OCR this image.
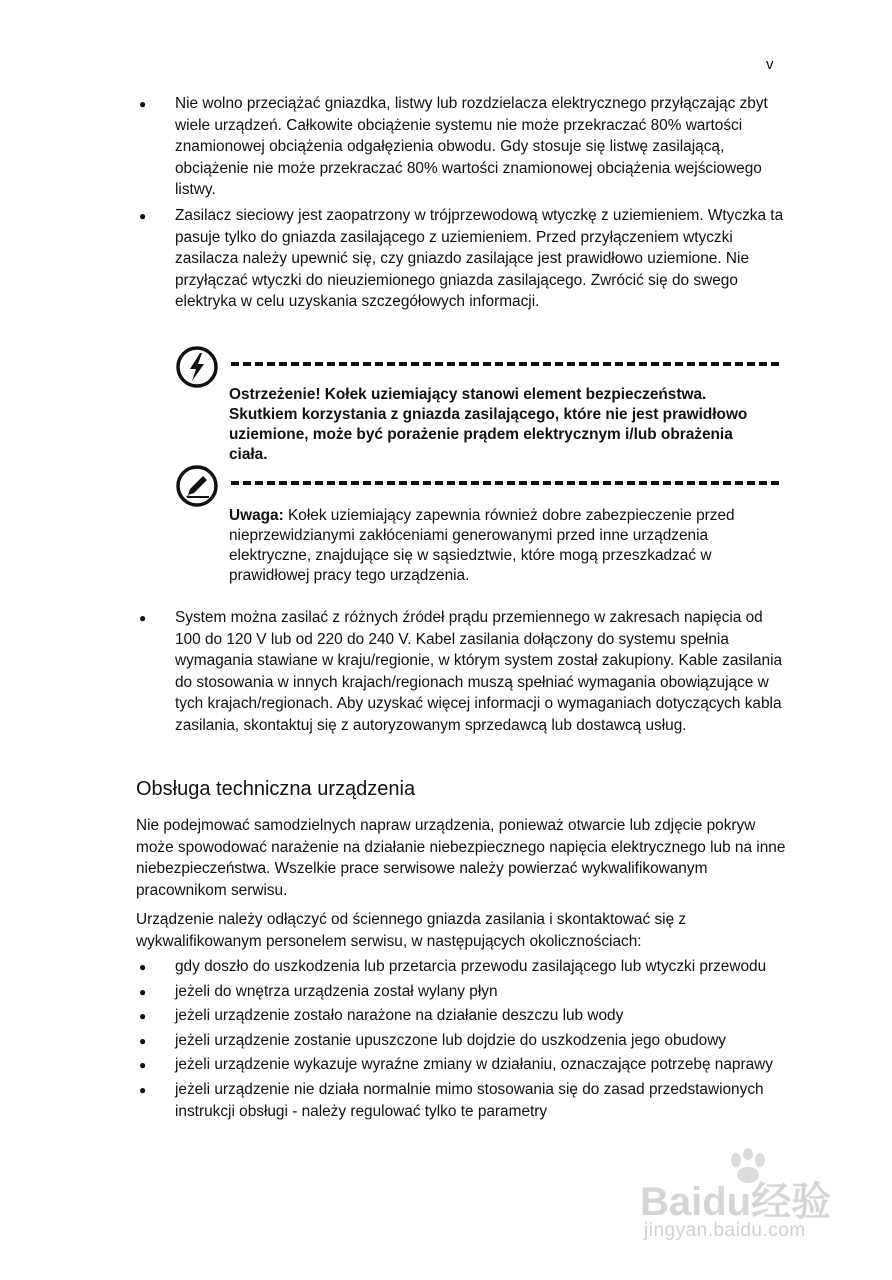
v
● Nie wolno przeciążać gniazdka, listwy lub rozdzielacza elektrycznego przyłączając zbyt wiele urządzeń. Całkowite obciążenie systemu nie może przekraczać 80% wartości znamionowej obciążenia odgałęzienia obwodu. Gdy stosuje się listwę zasilającą, obciążenie nie może przekraczać 80% wartości znamionowej obciążenia wejściowego listwy.
● Zasilacz sieciowy jest zaopatrzony w trójprzewodową wtyczkę z uziemieniem. Wtyczka ta pasuje tylko do gniazda zasilającego z uziemieniem. Przed przyłączeniem wtyczki zasilacza należy upewnić się, czy gniazdo zasilające jest prawidłowo uziemione. Nie przyłączać wtyczki do nieuziemionego gniazda zasilającego. Zwrócić się do swego elektryka w celu uzyskania szczegółowych informacji.
Ostrzeżenie! Kołek uziemiający stanowi element bezpieczeństwa. Skutkiem korzystania z gniazda zasilającego, które nie jest prawidłowo uziemione, może być porażenie prądem elektrycznym i/lub obrażenia ciała.
Uwaga: Kołek uziemiający zapewnia również dobre zabezpieczenie przed nieprzewidzianymi zakłóceniami generowanymi przed inne urządzenia elektryczne, znajdujące się w sąsiedztwie, które mogą przeszkadzać w prawidłowej pracy tego urządzenia.
● System można zasilać z różnych źródeł prądu przemiennego w zakresach napięcia od 100 do 120 V lub od 220 do 240 V. Kabel zasilania dołączony do systemu spełnia wymagania stawiane w kraju/regionie, w którym system został zakupiony. Kable zasilania do stosowania w innych krajach/regionach muszą spełniać wymagania obowiązujące w tych krajach/regionach. Aby uzyskać więcej informacji o wymaganiach dotyczących kabla zasilania, skontaktuj się z autoryzowanym sprzedawcą lub dostawcą usług.
Obsługa techniczna urządzenia

Nie podejmować samodzielnych napraw urządzenia, ponieważ otwarcie lub zdjęcie pokryw może spowodować narażenie na działanie niebezpiecznego napięcia elektrycznego lub na inne niebezpieczeństwa. Wszelkie prace serwisowe należy powierzać wykwalifikowanym pracownikom serwisu.

Urządzenie należy odłączyć od ściennego gniazda zasilania i skontaktować się z wykwalifikowanym personelem serwisu, w następujących okolicznościach:

● gdy doszło do uszkodzenia lub przetarcia przewodu zasilającego lub wtyczki przewodu
● jeżeli do wnętrza urządzenia został wylany płyn
● jeżeli urządzenie zostało narażone na działanie deszczu lub wody
● jeżeli urządzenie zostanie upuszczone lub dojdzie do uszkodzenia jego obudowy
● jeżeli urządzenie wykazuje wyraźne zmiany w działaniu, oznaczające potrzebę naprawy
● jeżeli urządzenie nie działa normalnie mimo stosowania się do zasad przedstawionych instrukcji obsługi - należy regulować tylko te parametry
Baidu经验
jingyan.baidu.com
